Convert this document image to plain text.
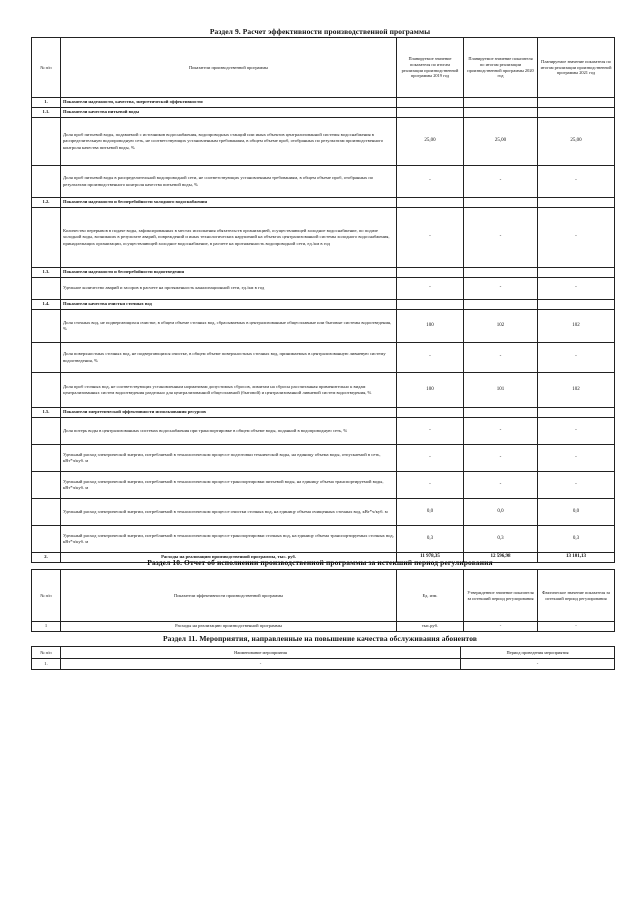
Раздел 9. Расчет эффективности производственной программы
№ п/п	Показатели производственной программы	Планируемое значение показателя по итогам реализации производственной программы 2019 год	Планируемое значение показателя по итогам реализации производственной программы 2020 год	Планируемое значение показателя по итогам реализации производственной программы 2021 год
1.	Показатели надежности, качества, энергетической эффективности:			
1.1.	Показатели качества питьевой воды			
	Доля проб питьевой воды, подаваемой с источников водоснабжения, водопроводных станций или иных объектов централизованной системы водоснабжения в распределительную водопроводную сеть, не соответствующих установленным требованиям, в общем объеме проб, отобранных по результатам производственного контроля качества питьевой воды, %	25,00	25,00	25,00
	Доля проб питьевой воды в распределительной водопроводной сети, не соответствующих установленным требованиям, в общем объеме проб, отобранных по результатам производственного контроля качества питьевой воды, %	-	-	-
1.2.	Показатели надежности и бесперебойности холодного водоснабжения			
	Количество перерывов в подаче воды, зафиксированных в местах исполнения обязательств организацией, осуществляющей холодное водоснабжение, по подаче холодной воды, возникших в результате аварий, повреждений и иных технологических нарушений на объектах централизованной системы холодного водоснабжения, принадлежащих организации, осуществляющей холодное водоснабжение, в расчете на протяженность водопроводной сети, ед./км в год	-	-	-
1.3.	Показатели надежности и бесперебойности водоотведения			
	Удельное количество аварий и засоров в расчете на протяженность канализационной сети, ед./км в год	-	-	-
1.4.	Показатели качества очистки сточных вод			
	Доля сточных вод, не подвергающихся очистке, в общем объеме сточных вод, сбрасываемых в централизованные общесплавные или бытовые системы водоотведения, %	100	102	102
	Доля поверхностных сточных вод, не подвергающихся очистке, в общем объеме поверхностных сточных вод, принимаемых в централизованную ливневую систему водоотведения, %	-	-	-
	Доля проб сточных вод, не соответствующих установленным нормативам допустимых сбросов, лимитам на сбросы рассчитанная применительно к видам централизованных систем водоотведения раздельно для централизованной общесплавной (бытовой) и централизованной ливневой систем водоотведения, %	100	101	102
1.5.	Показатели энергетической эффективности использования ресурсов			
	Доля потерь воды в централизованных системах водоснабжения при транспортировке в общем объеме воды, поданной в водопроводную сеть, %	-	-	-
	Удельный расход электрической энергии, потребляемой в технологическом процессе подготовки технической воды, на единицу объема воды, отпускаемой в сеть, кВт*ч/куб. м	-	-	-
	Удельный расход электрической энергии, потребляемой в технологическом процессе транспортировки питьевой воды, на единицу объема транспортируемой воды, кВт*ч/куб. м	-	-	-
	Удельный расход электрической энергии, потребляемой в технологическом процессе очистки сточных вод, на единицу объема очищенных сточных вод, кВт*ч/куб. м	0,0	0,0	0,0
	Удельный расход электрической энергии, потребляемой в технологическом процессе транспортировки сточных вод, на единицу объема транспортируемых сточных вод, кВт*ч/куб. м	0,3	0,3	0,3
2.	Расходы на реализацию производственной программы, тыс. руб.	11 978,35	12 596,98	13 101,13
Раздел 10. Отчет об исполнении производственной программы за истекший период регулирования
№ п/п	Показатели эффективности производственной программы	Ед. изм.	Утвержденное значение показателя за истекший период регулирования	Фактическое значение показателя за истекший период регулирования
1	Расходы на реализацию производственной программы	тыс.руб.	-	-
Раздел 11. Мероприятия, направленные на повышение качества обслуживания абонентов
№ п/п	Наименование мероприятия	Период проведения мероприятия
1.	-	-
